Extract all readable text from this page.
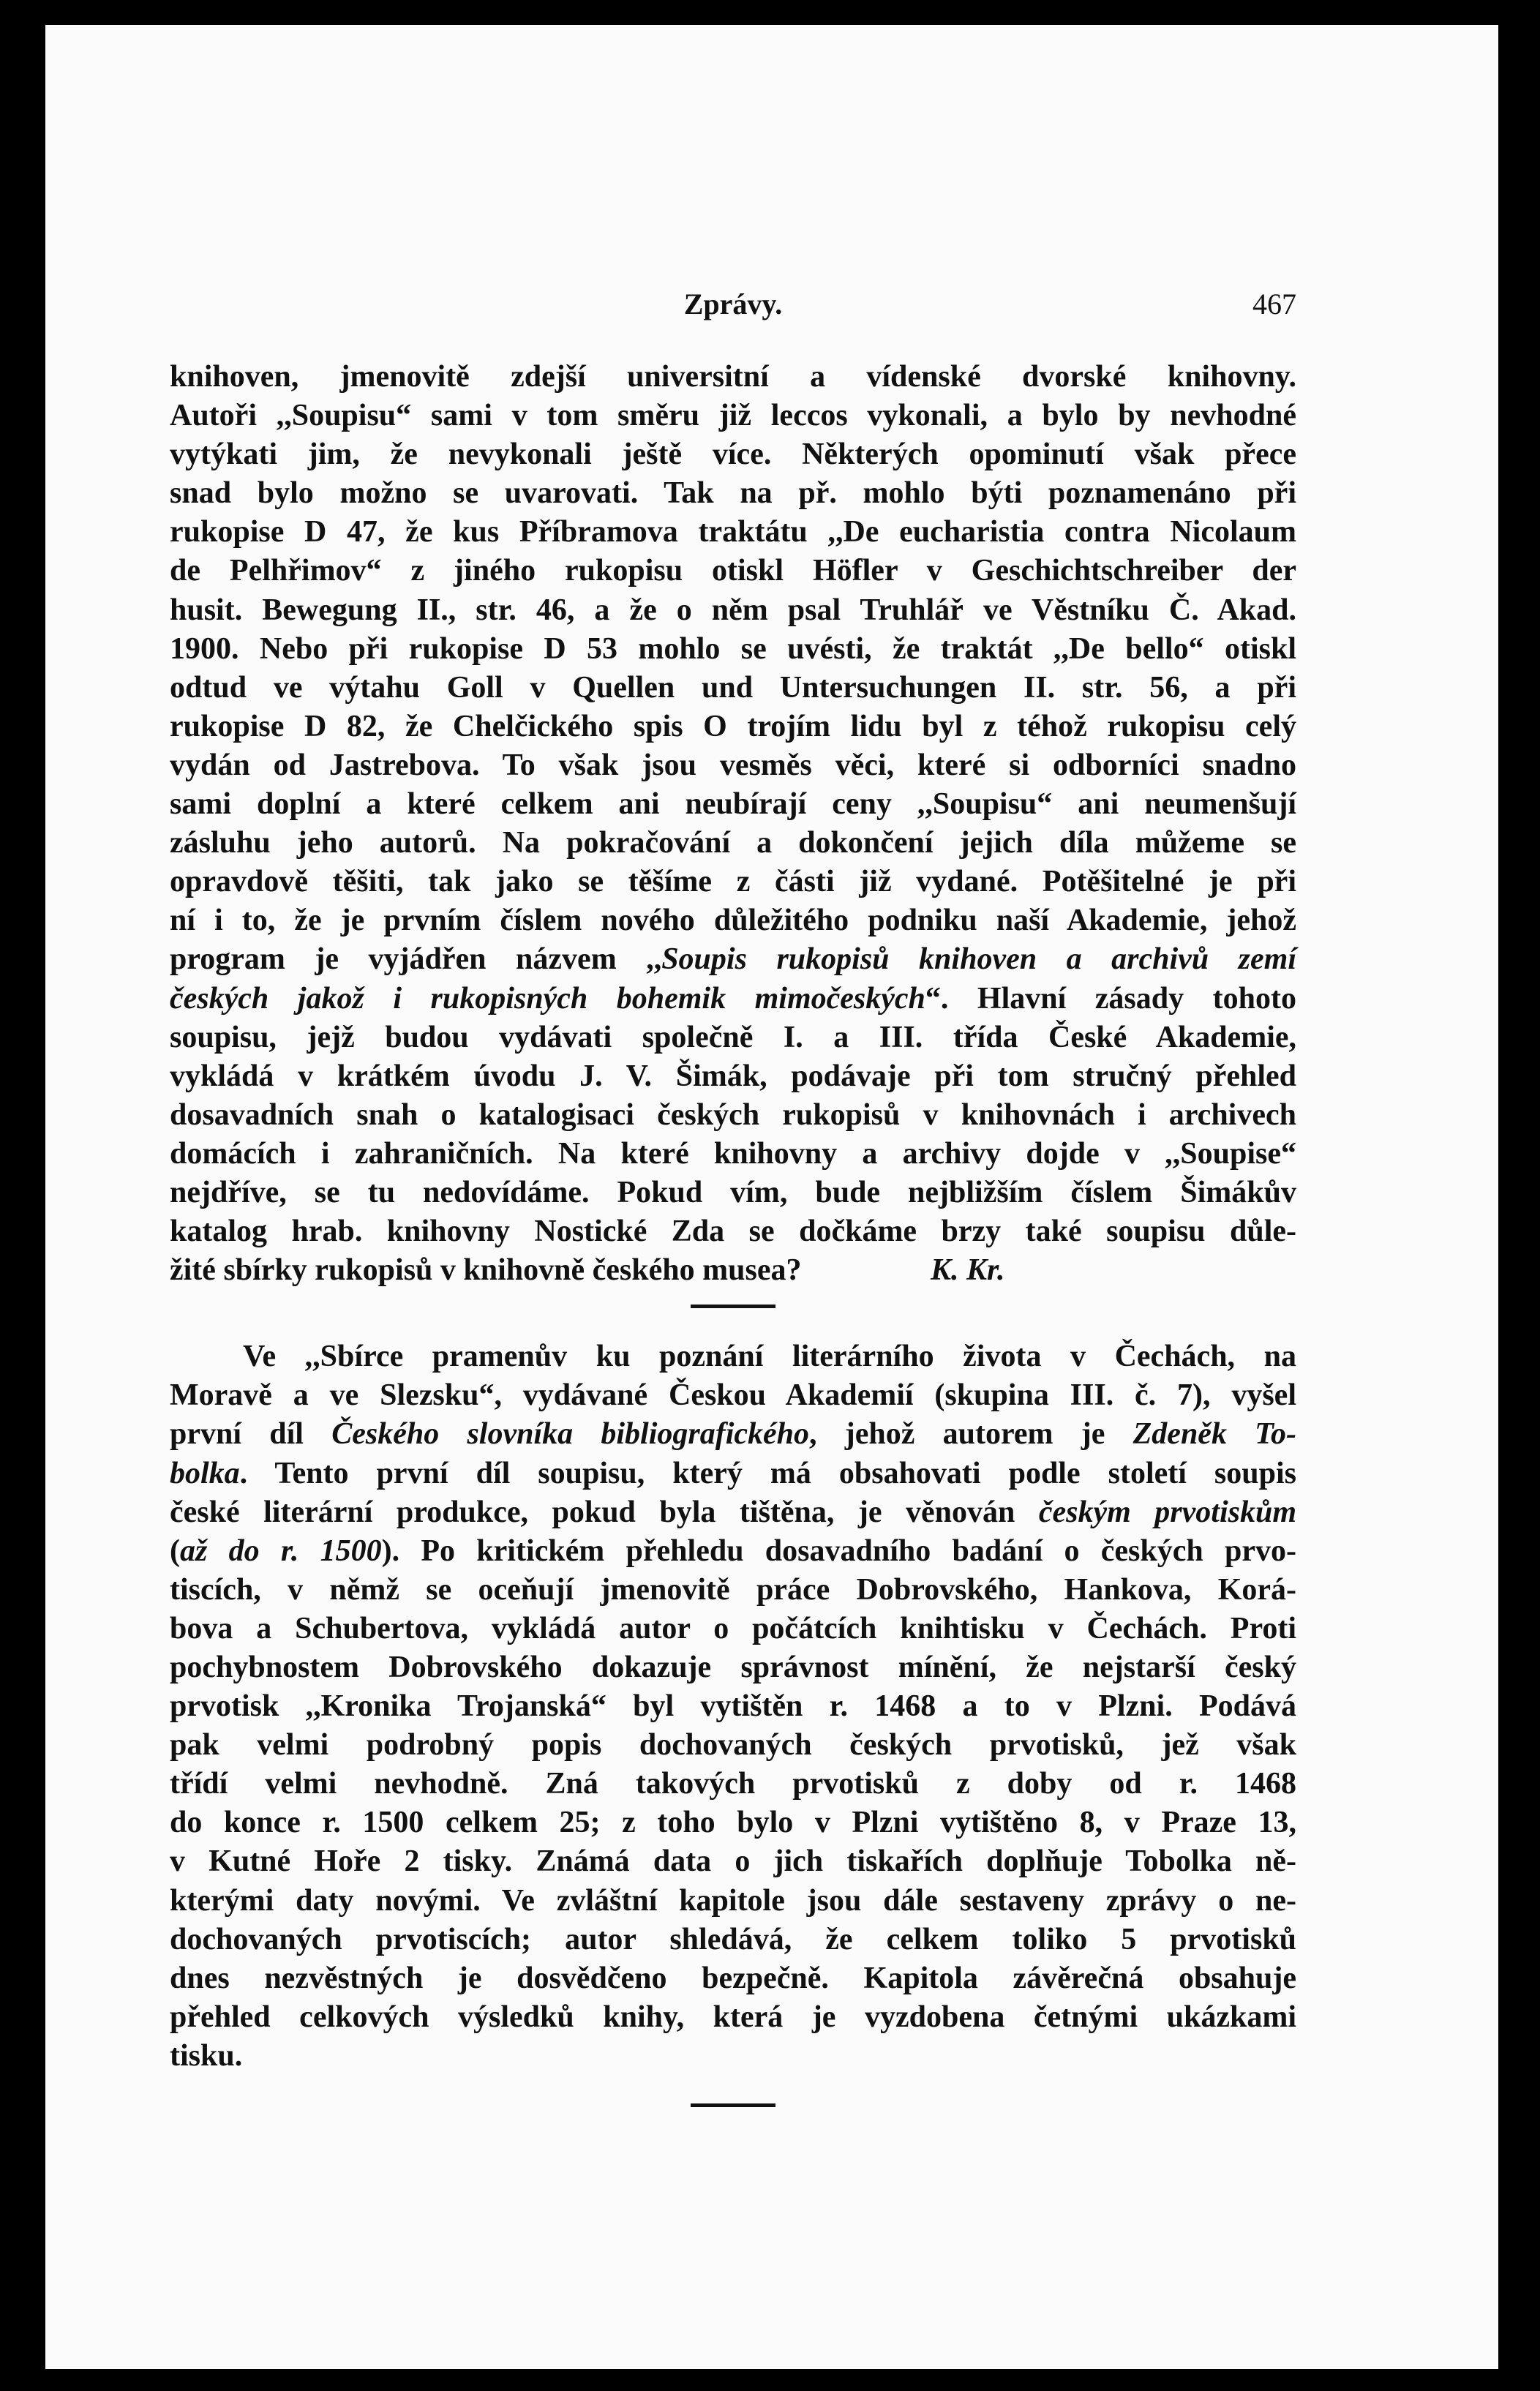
Zprávy.	467
knihoven, jmenovitě zdejší universitní a vídenské dvorské knihovny.
Autoři ,,Soupisu“ sami v tom směru již leccos vykonali, a bylo by nevhodné
vytýkati jim, že nevykonali ještě více. Některých opominutí však přece
snad bylo možno se uvarovati. Tak na př. mohlo býti poznamenáno při
rukopise D 47, že kus Příbramova traktátu ,,De eucharistia contra Nicolaum
de Pelhřimov“ z jiného rukopisu otiskl Höfler v Geschichtschreiber der
husit. Bewegung II., str. 46, a že o něm psal Truhlář ve Věstníku Č. Akad.
1900. Nebo při rukopise D 53 mohlo se uvésti, že traktát ,,De bello“ otiskl
odtud ve výtahu Goll v Quellen und Untersuchungen II. str. 56, a při
rukopise D 82, že Chelčického spis O trojím lidu byl z téhož rukopisu celý
vydán od Jastrebova. To však jsou vesměs věci, které si odborníci snadno
sami doplní a které celkem ani neubírají ceny ,,Soupisu“ ani neumenšují
zásluhu jeho autorů. Na pokračování a dokončení jejich díla můžeme se
opravdově těšiti, tak jako se těšíme z části již vydané. Potěšitelné je při
ní i to, že je prvním číslem nového důležitého podniku naší Akademie, jehož
program je vyjádřen názvem ,,Soupis rukopisů knihoven a archivů zemí
českých jakož i rukopisných bohemik mimočeských“. Hlavní zásady tohoto
soupisu, jejž budou vydávati společně I. a III. třída České Akademie,
vykládá v krátkém úvodu J. V. Šimák, podávaje při tom stručný přehled
dosavadních snah o katalogisaci českých rukopisů v knihovnách i archivech
domácích i zahraničních. Na které knihovny a archivy dojde v ,,Soupise“
nejdříve, se tu nedovídáme. Pokud vím, bude nejbližším číslem Šimákův
katalog hrab. knihovny Nostické Zda se dočkáme brzy také soupisu důle-
žité sbírky rukopisů v knihovně českého musea?	K. Kr.
Ve ,,Sbírce pramenův ku poznání literárního života v Čechách, na
Moravě a ve Slezsku“, vydávané Českou Akademií (skupina III. č. 7), vyšel
první díl Českého slovníka bibliografického, jehož autorem je Zdeněk To-
bolka. Tento první díl soupisu, který má obsahovati podle století soupis
české literární produkce, pokud byla tištěna, je věnován českým prvotiskům
(až do r. 1500). Po kritickém přehledu dosavadního badání o českých prvo-
tiscích, v němž se oceňují jmenovitě práce Dobrovského, Hankova, Korá-
bova a Schubertova, vykládá autor o počátcích knihtisku v Čechách. Proti
pochybnostem Dobrovského dokazuje správnost mínění, že nejstarší český
prvotisk ,,Kronika Trojanská“ byl vytištěn r. 1468 a to v Plzni. Podává
pak velmi podrobný popis dochovaných českých prvotisků, jež však
třídí velmi nevhodně. Zná takových prvotisků z doby od r. 1468
do konce r. 1500 celkem 25; z toho bylo v Plzni vytištěno 8, v Praze 13,
v Kutné Hoře 2 tisky. Známá data o jich tiskařích doplňuje Tobolka ně-
kterými daty novými. Ve zvláštní kapitole jsou dále sestaveny zprávy o ne-
dochovaných prvotiscích; autor shledává, že celkem toliko 5 prvotisků
dnes nezvěstných je dosvědčeno bezpečně. Kapitola závěrečná obsahuje
přehled celkových výsledků knihy, která je vyzdobena četnými ukázkami
tisku.
